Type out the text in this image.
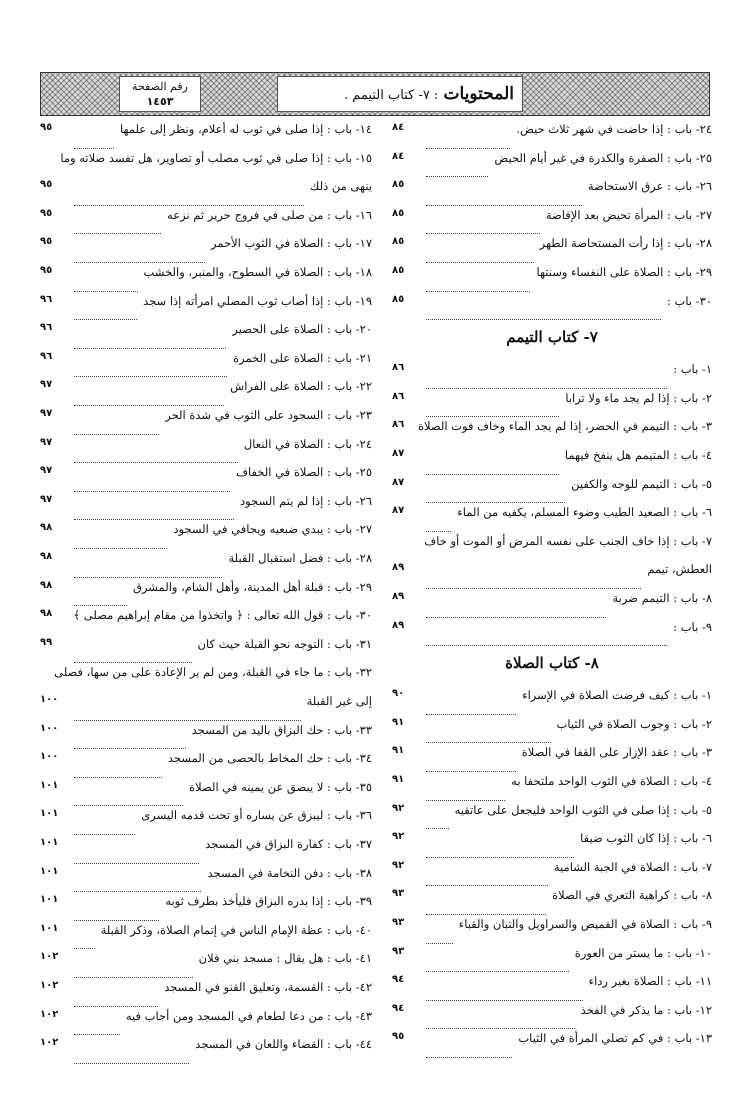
رقم الصفحة
١٤٥٣	المحتويات : ٧- كتاب التيمم .
٢٤- باب : إذا حاضت في شهر ثلاث حيض.
٨٤
٢٥- باب : الصفرة والكدرة في غير أيام الحيض
٨٤
٢٦- باب : عرق الاستحاضة
٨٥
٢٧- باب : المرأة تحيض بعد الإفاضة
٨٥
٢٨- باب : إذا رأت المستحاضة الطهر
٨٥
٢٩- باب : الصلاة على النفساء وسنتها
٨٥
٣٠- باب :
٨٥
٧- كتاب التيمم
١- باب :
٨٦
٢- باب : إذا لم يجد ماء ولا ترابا
٨٦
٣- باب : التيمم في الحضر، إذا لم يجد الماء وخاف فوت الصلاة
٨٦
٤- باب : المتيمم هل ينفخ فيهما
٨٧
٥- باب : التيمم للوجه والكفين
٨٧
٦- باب : الصعيد الطيب وضوء المسلم، يكفيه من الماء
٨٧
٧- باب : إذا خاف الجنب على نفسه المرض أو الموت أو خاف
العطش، تيمم
٨٩
٨- باب : التيمم ضربة
٨٩
٩- باب :
٨٩
٨- كتاب الصلاة
١- باب : كيف فرضت الصلاة في الإسراء
٩٠
٢- باب : وجوب الصلاة في الثياب
٩١
٣- باب : عقد الإزار على القفا في الصلاة
٩١
٤- باب : الصلاة في الثوب الواحد ملتحفا به
٩١
٥- باب : إذا صلى في الثوب الواحد فليجعل على عاتقيه
٩٢
٦- باب : إذا كان الثوب ضيقا
٩٢
٧- باب : الصلاة في الجبة الشامية
٩٢
٨- باب : كراهية التعري في الصلاة
٩٣
٩- باب : الصلاة في القميص والسراويل والتبان والقباء
٩٣
١٠- باب : ما يستر من العورة
٩٣
١١- باب : الصلاة بغير رداء
٩٤
١٢- باب : ما يذكر في الفخذ
٩٤
١٣- باب : في كم تصلي المرأة في الثياب
٩٥
١٤- باب : إذا صلى في ثوب له أعلام، ونظر إلى علمها
٩٥
١٥- باب : إذا صلى في ثوب مصلب أو تصاوير، هل تفسد صلاته وما
ينهى من ذلك
٩٥
١٦- باب : من صلى في فروج حرير ثم نزعه
٩٥
١٧- باب : الصلاة في الثوب الأحمر
٩٥
١٨- باب : الصلاة في السطوح، والمنبر، والخشب
٩٥
١٩- باب : إذا أصاب ثوب المصلي امرأته إذا سجد
٩٦
٢٠- باب : الصلاة على الحصير
٩٦
٢١- باب : الصلاة على الخمرة
٩٦
٢٢- باب : الصلاة على الفراش
٩٧
٢٣- باب : السجود على الثوب في شدة الحر
٩٧
٢٤- باب : الصلاة في النعال
٩٧
٢٥- باب : الصلاة في الخفاف
٩٧
٢٦- باب : إذا لم يتم السجود
٩٧
٢٧- باب : يبدي ضبعيه ويجافي في السجود
٩٨
٢٨- باب : فضل استقبال القبلة
٩٨
٢٩- باب : قبلة أهل المدينة، وأهل الشام، والمشرق
٩٨
٣٠- باب : قول الله تعالى : ﴿ واتخذوا من مقام إبراهيم مصلى ﴾
٩٨
٣١- باب : التوجه نحو القبلة حيث كان
٩٩
٣٢- باب : ما جاء في القبلة، ومن لم ير الإعادة على من سها، فصلى
إلى غير القبلة
١٠٠
٣٣- باب : حك البزاق باليد من المسجد
١٠٠
٣٤- باب : حك المخاط بالحصى من المسجد
١٠٠
٣٥- باب : لا يبصق عن يمينه في الصلاة
١٠١
٣٦- باب : ليبزق عن يساره أو تحت قدمه اليسرى
١٠١
٣٧- باب : كفارة البزاق في المسجد
١٠١
٣٨- باب : دفن النخامة في المسجد
١٠١
٣٩- باب : إذا بدره البزاق فليأخذ بطرف ثوبه
١٠١
٤٠- باب : عظة الإمام الناس في إتمام الصلاة، وذكر القبلة
١٠١
٤١- باب : هل يقال : مسجد بني فلان
١٠٢
٤٢- باب : القسمة، وتعليق القنو في المسجد
١٠٢
٤٣- باب : من دعا لطعام في المسجد ومن أجاب فيه
١٠٢
٤٤- باب : القضاء واللعان في المسجد
١٠٢
